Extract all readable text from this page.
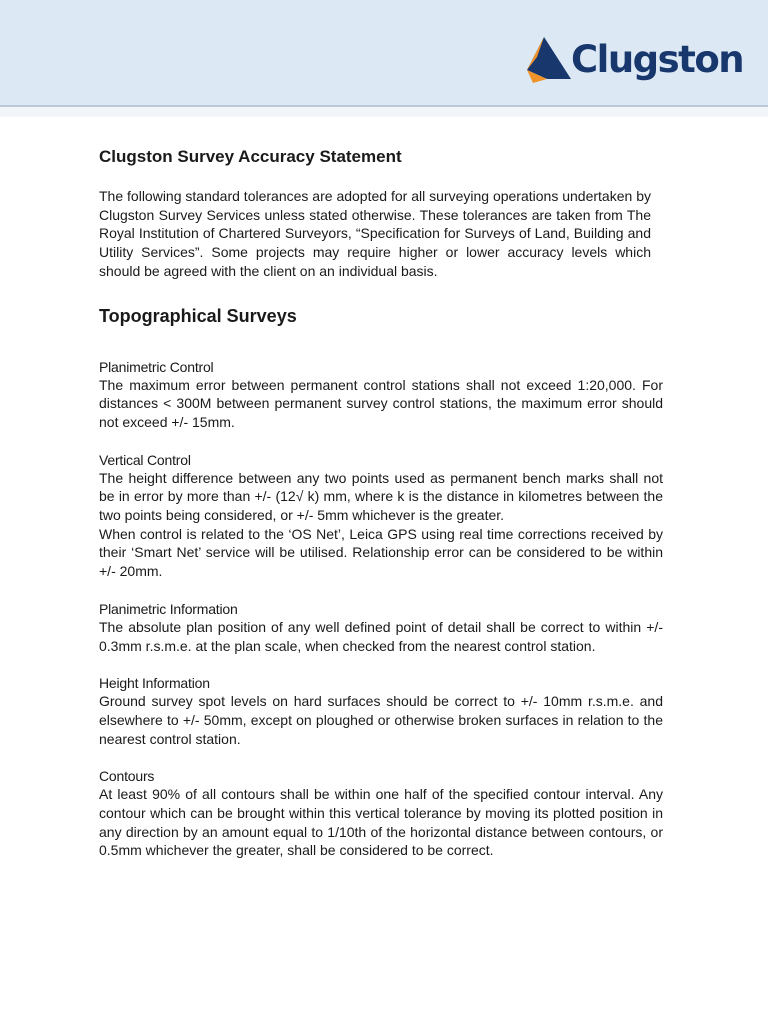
Clugston
Clugston Survey Accuracy Statement

The following standard tolerances are adopted for all surveying operations undertaken by Clugston Survey Services unless stated otherwise. These tolerances are taken from The Royal Institution of Chartered Surveyors, “Specification for Surveys of Land, Building and Utility Services”. Some projects may require higher or lower accuracy levels which should be agreed with the client on an individual basis.

Topographical Surveys
Planimetric Control

The maximum error between permanent control stations shall not exceed 1:20,000. For distances < 300M between permanent survey control stations, the maximum error should not exceed +/- 15mm.

Vertical Control

The height difference between any two points used as permanent bench marks shall not be in error by more than +/- (12√ k) mm, where k is the distance in kilometres between the two points being considered, or +/- 5mm whichever is the greater.

When control is related to the ‘OS Net’, Leica GPS using real time corrections received by their ‘Smart Net’ service will be utilised. Relationship error can be considered to be within +/- 20mm.

Planimetric Information

The absolute plan position of any well defined point of detail shall be correct to within +/- 0.3mm r.s.m.e. at the plan scale, when checked from the nearest control station.

Height Information

Ground survey spot levels on hard surfaces should be correct to +/- 10mm r.s.m.e. and elsewhere to +/- 50mm, except on ploughed or otherwise broken surfaces in relation to the nearest control station.

Contours

At least 90% of all contours shall be within one half of the specified contour interval. Any contour which can be brought within this vertical tolerance by moving its plotted position in any direction by an amount equal to 1/10th of the horizontal distance between contours, or 0.5mm whichever the greater, shall be considered to be correct.
